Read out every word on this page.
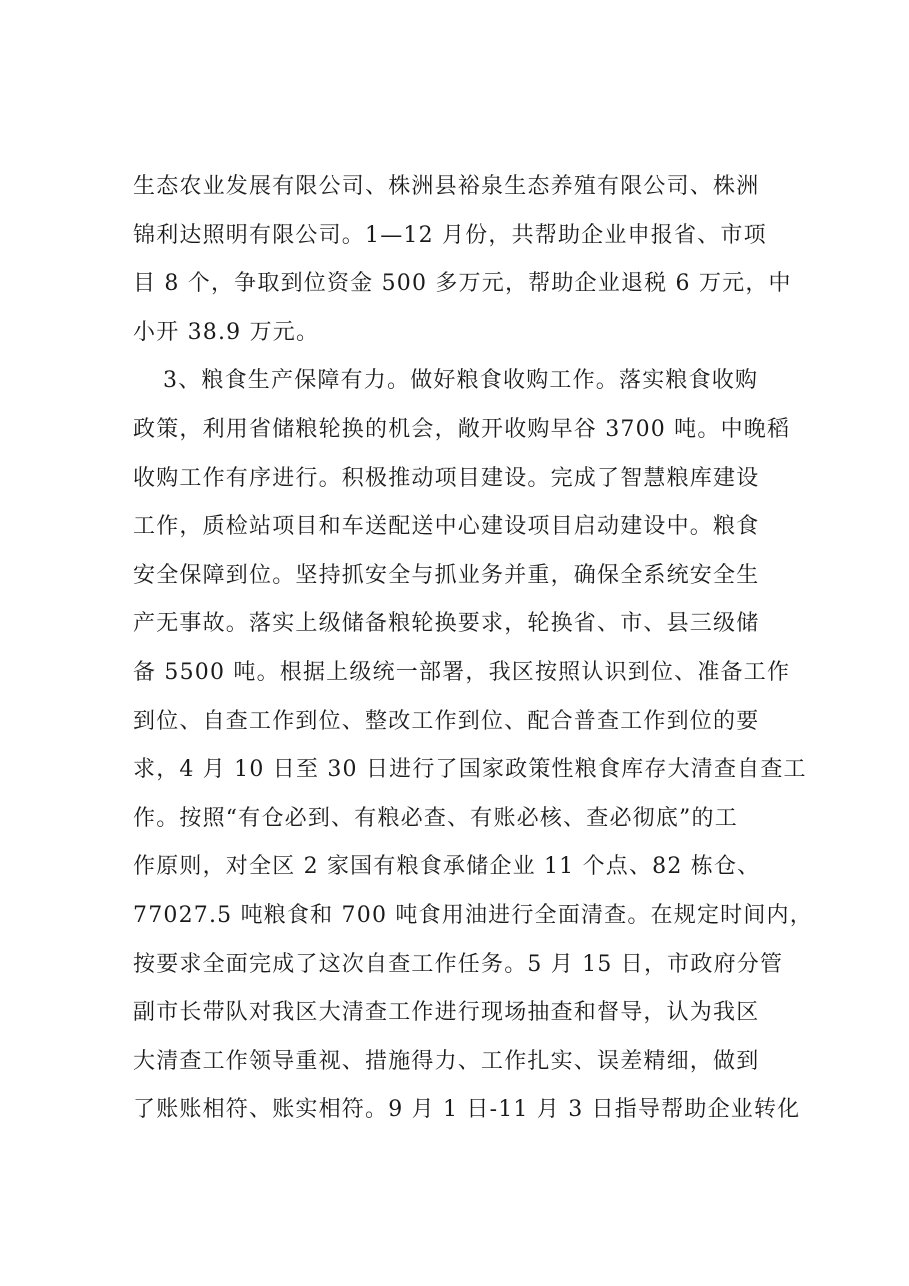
生态农业发展有限公司、株洲县裕泉生态养殖有限公司、株洲
锦利达照明有限公司。1—12 月份，共帮助企业申报省、市项
目 8 个，争取到位资金 500 多万元，帮助企业退税 6 万元，中
小开 38.9 万元。
3、粮食生产保障有力。做好粮食收购工作。落实粮食收购
政策，利用省储粮轮换的机会，敞开收购早谷 3700 吨。中晚稻
收购工作有序进行。积极推动项目建设。完成了智慧粮库建设
工作，质检站项目和车送配送中心建设项目启动建设中。粮食
安全保障到位。坚持抓安全与抓业务并重，确保全系统安全生
产无事故。落实上级储备粮轮换要求，轮换省、市、县三级储
备 5500 吨。根据上级统一部署，我区按照认识到位、准备工作
到位、自查工作到位、整改工作到位、配合普查工作到位的要
求，4 月 10 日至 30 日进行了国家政策性粮食库存大清查自查工
作。按照“有仓必到、有粮必查、有账必核、查必彻底”的工
作原则，对全区 2 家国有粮食承储企业 11 个点、82 栋仓、
77027.5 吨粮食和 700 吨食用油进行全面清查。在规定时间内，
按要求全面完成了这次自查工作任务。5 月 15 日，市政府分管
副市长带队对我区大清查工作进行现场抽查和督导，认为我区
大清查工作领导重视、措施得力、工作扎实、误差精细，做到
了账账相符、账实相符。9 月 1 日-11 月 3 日指导帮助企业转化
